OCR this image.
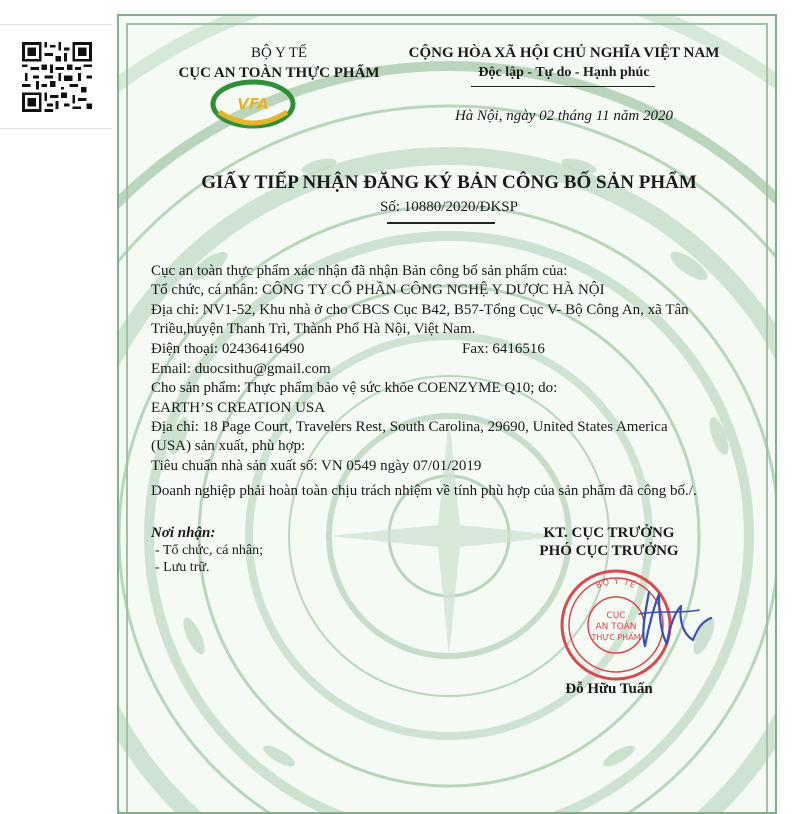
BỘ Y TẾ
CỤC AN TOÀN THỰC PHẨM
VFA
CỘNG HÒA XÃ HỘI CHỦ NGHĨA VIỆT NAM
Độc lập - Tự do - Hạnh phúc
Hà Nội, ngày 02 tháng 11 năm 2020
GIẤY TIẾP NHẬN ĐĂNG KÝ BẢN CÔNG BỐ SẢN PHẨM
Số: 10880/2020/ĐKSP
Cục an toàn thực phẩm xác nhận đã nhận Bản công bố sản phẩm của:
Tổ chức, cá nhân: CÔNG TY CỔ PHẦN CÔNG NGHỆ Y DƯỢC HÀ NỘI
Địa chỉ: NV1-52, Khu nhà ở cho CBCS Cục B42, B57-Tổng Cục V- Bộ Công An, xã Tân
Triều,huyện Thanh Trì, Thành Phố Hà Nội, Việt Nam.
Điện thoại: 02436416490	Fax: 6416516
Email: duocsithu@gmail.com
Cho sản phẩm: Thực phẩm bảo vệ sức khỏe COENZYME Q10; do:
EARTH’S CREATION USA
Địa chỉ: 18 Page Court, Travelers Rest, South Carolina, 29690, United States America
(USA) sản xuất, phù hợp:
Tiêu chuẩn nhà sản xuất số: VN 0549 ngày 07/01/2019
Doanh nghiệp phải hoàn toàn chịu trách nhiệm về tính phù hợp của sản phẩm đã công bố./.
Nơi nhận:
- Tổ chức, cá nhân;
- Lưu trữ.
KT. CỤC TRƯỞNG
PHÓ CỤC TRƯỞNG
BỘ Y TẾ
CỤC
AN TOÀN
THỰC PHẨM
Đỗ Hữu Tuấn
